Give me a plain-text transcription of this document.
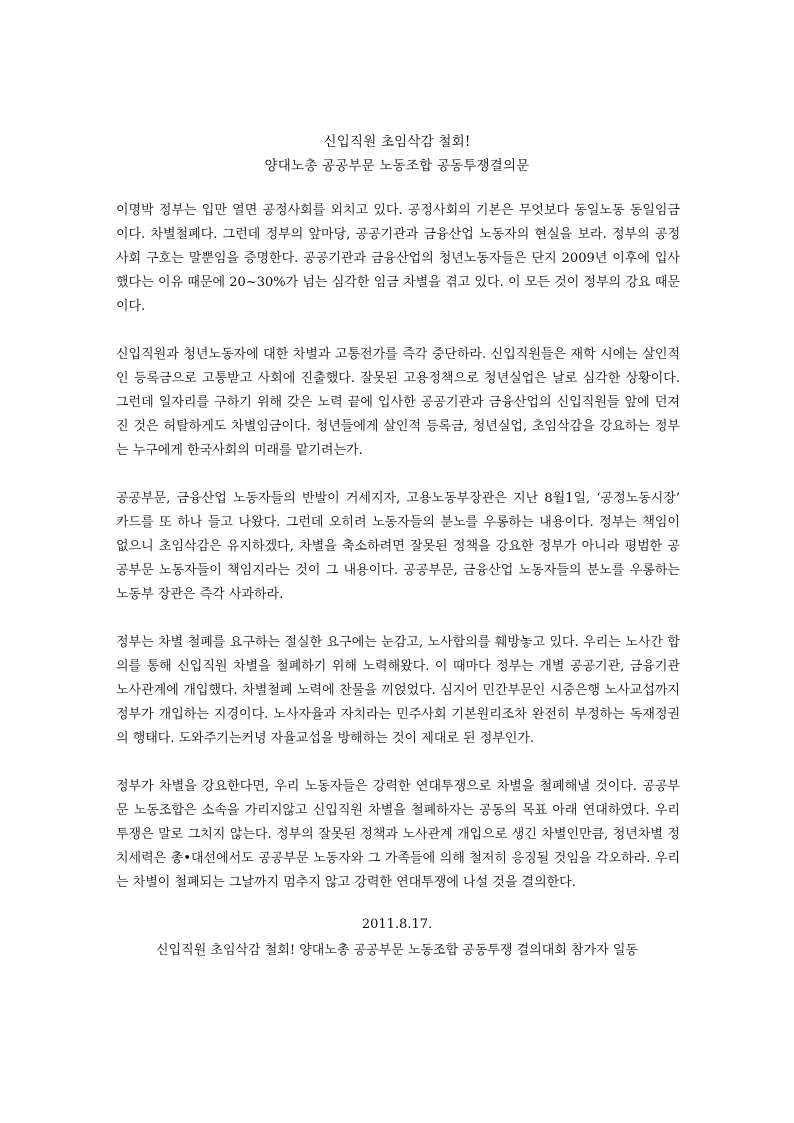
신입직원 초임삭감 철회!
양대노총 공공부문 노동조합 공동투쟁결의문

이명박 정부는 입만 열면 공정사회를 외치고 있다. 공정사회의 기본은 무엇보다 동일노동 동일임금이다. 차별철폐다. 그런데 정부의 앞마당, 공공기관과 금융산업 노동자의 현실을 보라. 정부의 공정사회 구호는 말뿐임을 증명한다. 공공기관과 금융산업의 청년노동자들은 단지 2009년 이후에 입사했다는 이유 때문에 20~30%가 넘는 심각한 임금 차별을 겪고 있다. 이 모든 것이 정부의 강요 때문이다.

신입직원과 청년노동자에 대한 차별과 고통전가를 즉각 중단하라. 신입직원들은 재학 시에는 살인적인 등록금으로 고통받고 사회에 진출했다. 잘못된 고용정책으로 청년실업은 날로 심각한 상황이다. 그런데 일자리를 구하기 위해 갖은 노력 끝에 입사한 공공기관과 금융산업의 신입직원들 앞에 던져진 것은 허탈하게도 차별임금이다. 청년들에게 살인적 등록금, 청년실업, 초임삭감을 강요하는 정부는 누구에게 한국사회의 미래를 맡기려는가.

공공부문, 금융산업 노동자들의 반발이 거세지자, 고용노동부장관은 지난 8월1일, ‘공정노동시장’ 카드를 또 하나 들고 나왔다. 그런데 오히려 노동자들의 분노를 우롱하는 내용이다. 정부는 책임이 없으니 초임삭감은 유지하겠다, 차별을 축소하려면 잘못된 정책을 강요한 정부가 아니라 평범한 공공부문 노동자들이 책임지라는 것이 그 내용이다. 공공부문, 금융산업 노동자들의 분노를 우롱하는 노동부 장관은 즉각 사과하라.

정부는 차별 철폐를 요구하는 절실한 요구에는 눈감고, 노사합의를 훼방놓고 있다. 우리는 노사간 합의를 통해 신입직원 차별을 철폐하기 위해 노력해왔다. 이 때마다 정부는 개별 공공기관, 금융기관 노사관계에 개입했다. 차별철폐 노력에 찬물을 끼얹었다. 심지어 민간부문인 시중은행 노사교섭까지 정부가 개입하는 지경이다. 노사자율과 자치라는 민주사회 기본원리조차 완전히 부정하는 독재정권의 행태다. 도와주기는커녕 자율교섭을 방해하는 것이 제대로 된 정부인가.

정부가 차별을 강요한다면, 우리 노동자들은 강력한 연대투쟁으로 차별을 철폐해낼 것이다. 공공부문 노동조합은 소속을 가리지않고 신입직원 차별을 철폐하자는 공동의 목표 아래 연대하였다. 우리 투쟁은 말로 그치지 않는다. 정부의 잘못된 정책과 노사관계 개입으로 생긴 차별인만큼, 청년차별 정치세력은 총•대선에서도 공공부문 노동자와 그 가족들에 의해 철저히 응징될 것임을 각오하라. 우리는 차별이 철폐되는 그날까지 멈추지 않고 강력한 연대투쟁에 나설 것을 결의한다.

2011.8.17.
신입직원 초임삭감 철회! 양대노총 공공부문 노동조합 공동투쟁 결의대회 참가자 일동
